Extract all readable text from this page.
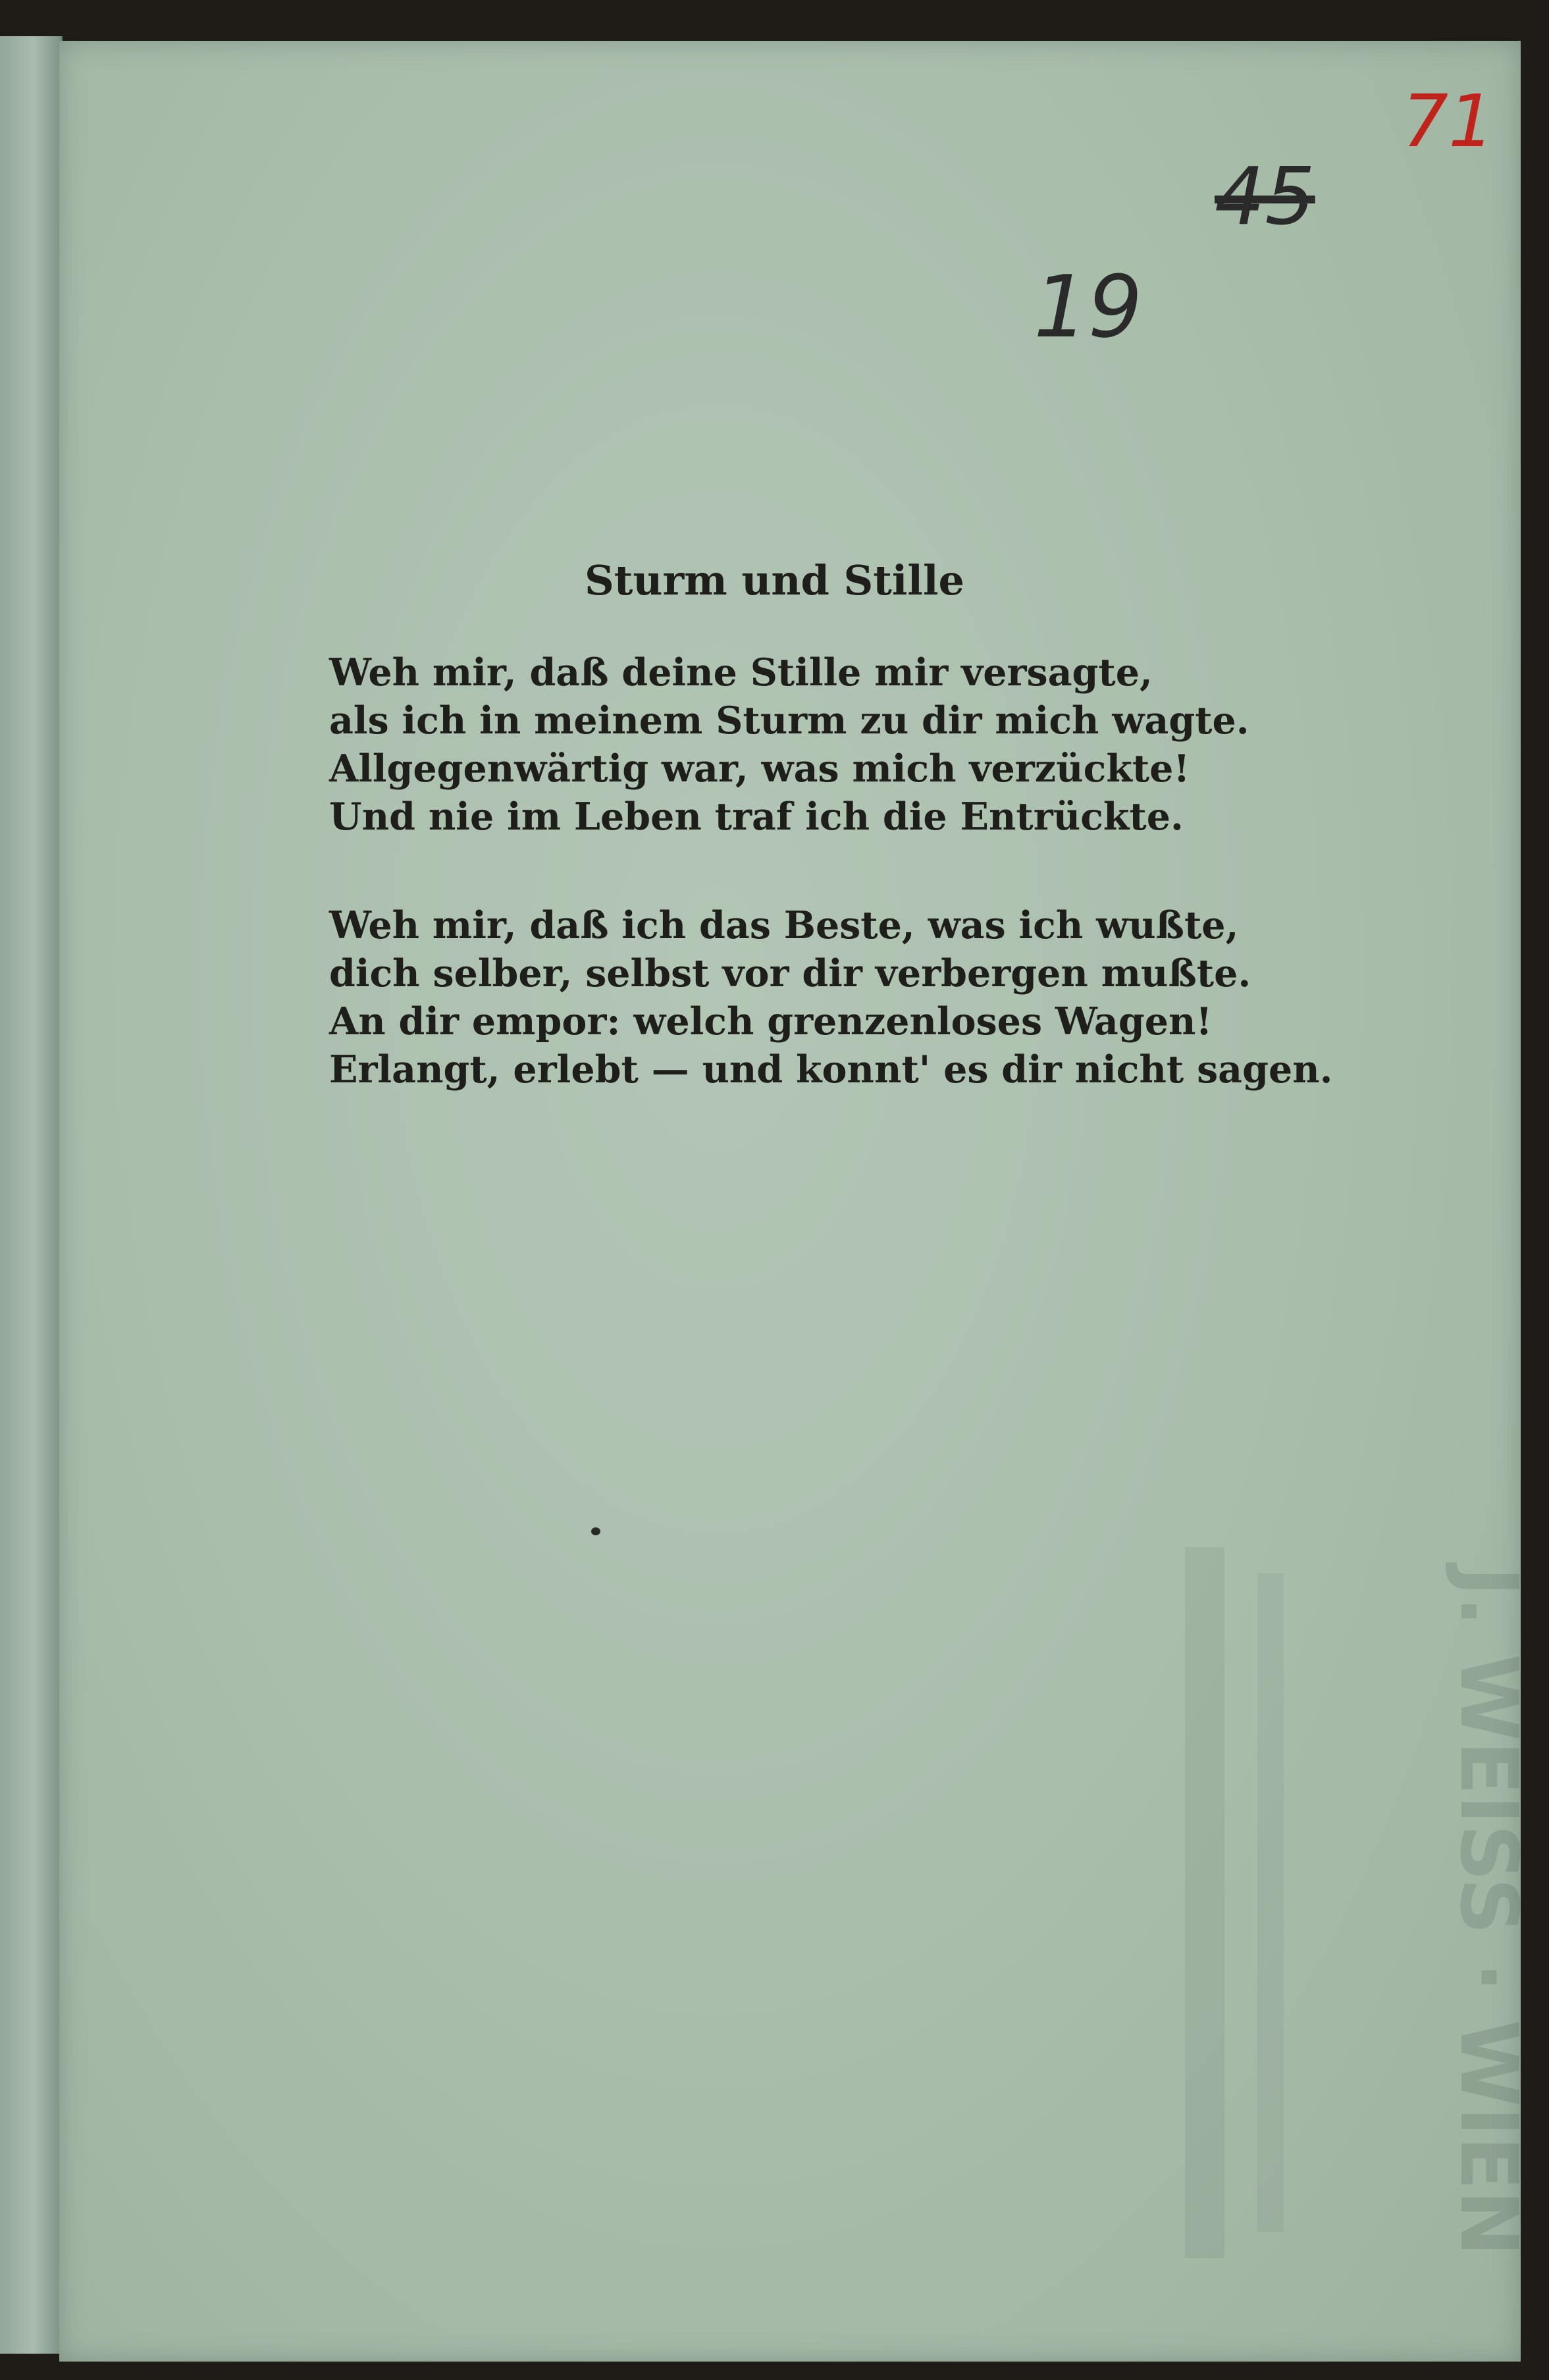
71
45
19
Sturm und Stille
Weh mir, daß deine Stille mir versagte,
als ich in meinem Sturm zu dir mich wagte.
Allgegenwärtig war, was mich verzückte!
Und nie im Leben traf ich die Entrückte.
Weh mir, daß ich das Beste, was ich wußte,
dich selber, selbst vor dir verbergen mußte.
An dir empor: welch grenzenloses Wagen!
Erlangt, erlebt — und konnt' es dir nicht sagen.
J. WEISS · WIEN
